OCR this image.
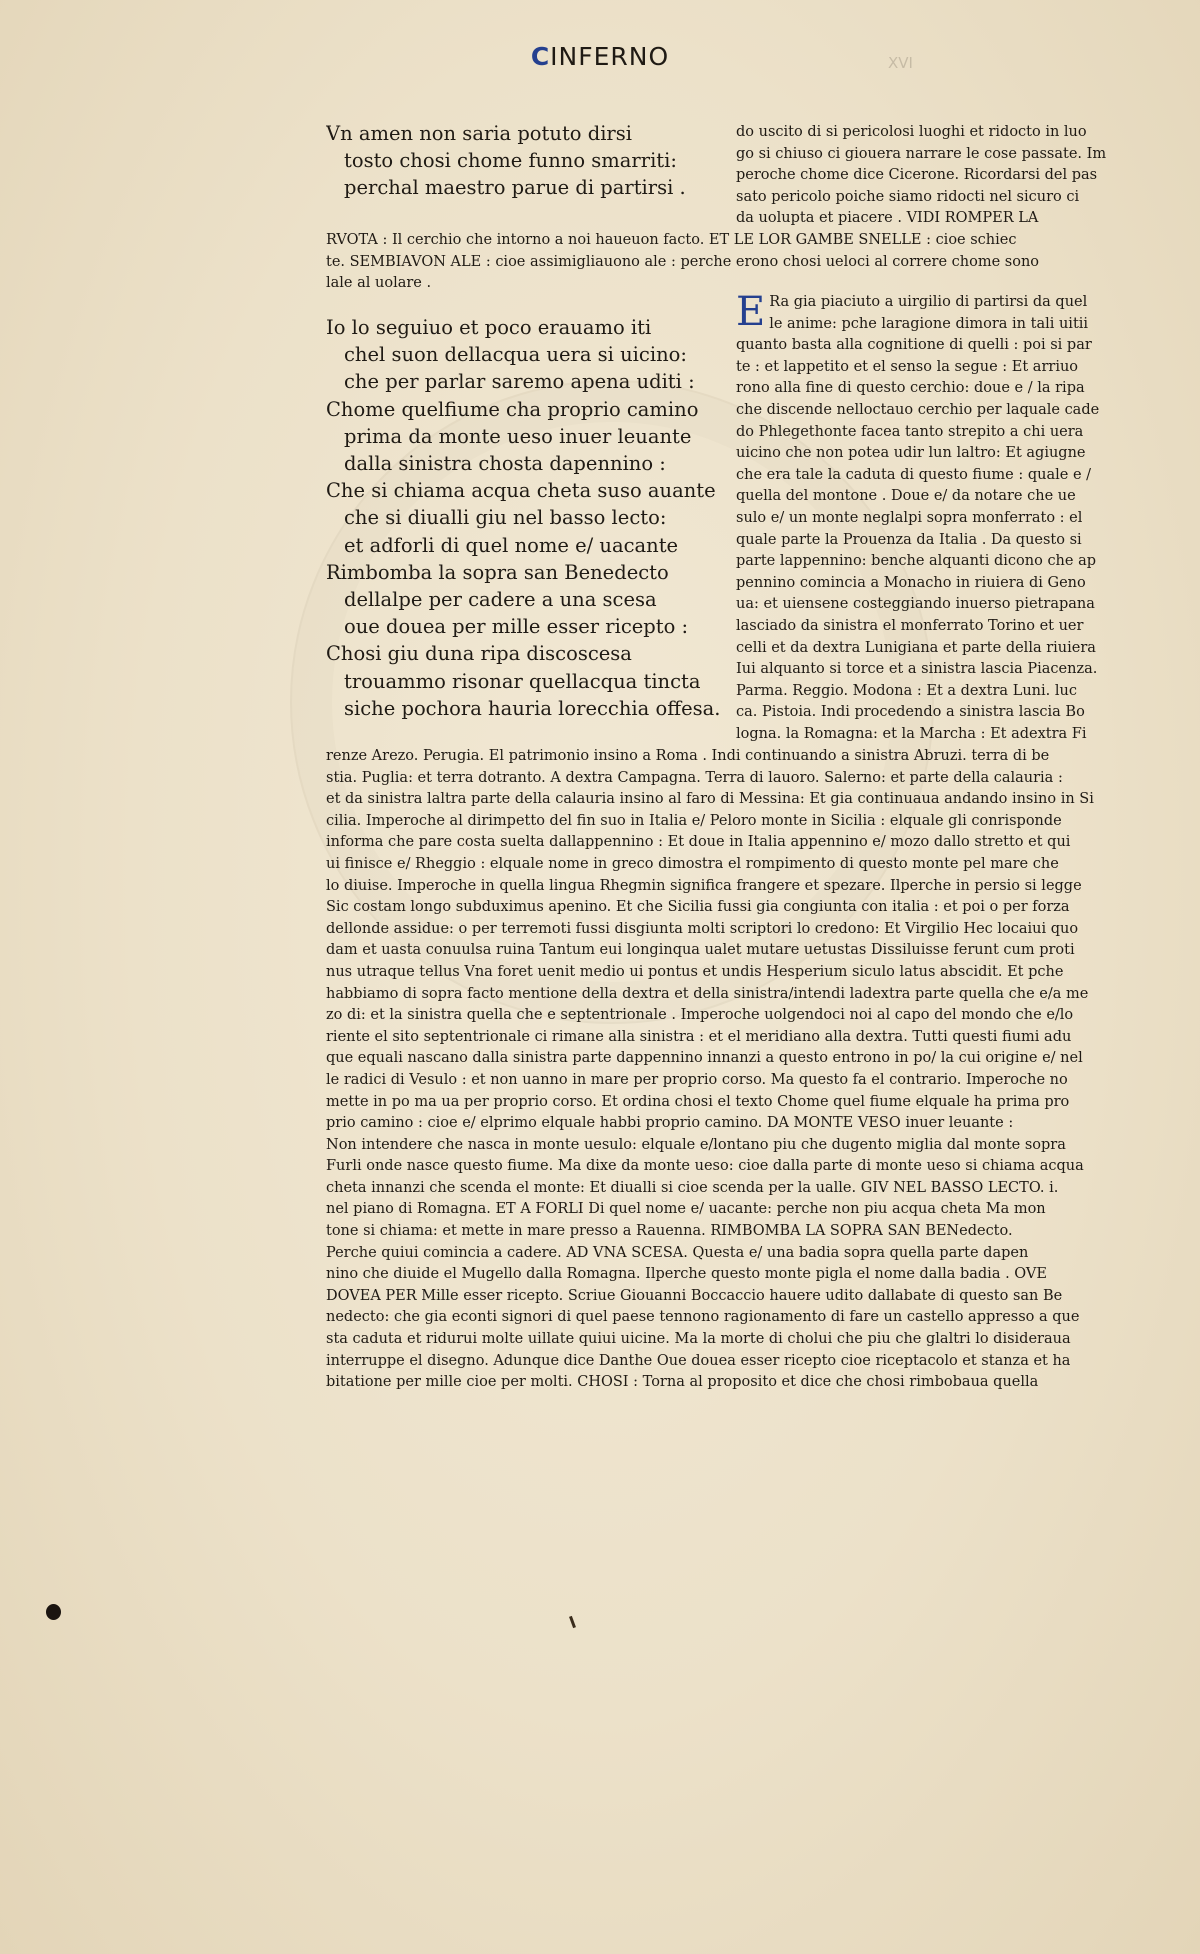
CINFERNO	XVI
Vn amen non saria potuto dirsi
tosto chosi chome funno smarriti:
perchal maestro parue di partirsi .
do uscito di si pericolosi luoghi et ridocto in luo
go si chiuso ci giouera narrare le cose passate. Im
peroche chome dice Cicerone. Ricordarsi del pas
sato pericolo poiche siamo ridocti nel sicuro ci
da uolupta et piacere . VIDI ROMPER LA
RVOTA : Il cerchio che intorno a noi haueuon facto. ET LE LOR GAMBE SNELLE : cioe schiec
te. SEMBIAVON ALE : cioe assimigliauono ale : perche erono chosi ueloci al correre chome sono
lale al uolare .
Io lo seguiuo et poco erauamo iti
chel suon dellacqua uera si uicino:
che per parlar saremo apena uditi :
Chome quelfiume cha proprio camino
prima da monte ueso inuer leuante
dalla sinistra chosta dapennino :
Che si chiama acqua cheta suso auante
che si diualli giu nel basso lecto:
et adforli di quel nome e/ uacante
Rimbomba la sopra san Benedecto
dellalpe per cadere a una scesa
oue douea per mille esser ricepto :
Chosi giu duna ripa discoscesa
trouammo risonar quellacqua tincta
siche pochora hauria lorecchia offesa.
E Ra gia piaciuto a uirgilio di partirsi da quel
le anime: pche laragione dimora in tali uitii
quanto basta alla cognitione di quelli : poi si par
te : et lappetito et el senso la segue : Et arriuo
rono alla fine di questo cerchio: doue e / la ripa
che discende nelloctauo cerchio per laquale cade
do Phlegethonte facea tanto strepito a chi uera
uicino che non potea udir lun laltro: Et agiugne
che era tale la caduta di questo fiume : quale e /
quella del montone . Doue e/ da notare che ue
sulo e/ un monte neglalpi sopra monferrato : el
quale parte la Prouenza da Italia . Da questo si
parte lappennino: benche alquanti dicono che ap
pennino comincia a Monacho in riuiera di Geno
ua: et uiensene costeggiando inuerso pietrapana
lasciado da sinistra el monferrato Torino et uer
celli et da dextra Lunigiana et parte della riuiera
Iui alquanto si torce et a sinistra lascia Piacenza.
Parma. Reggio. Modona : Et a dextra Luni. luc
ca. Pistoia. Indi procedendo a sinistra lascia Bo
logna. la Romagna: et la Marcha : Et adextra Fi
renze Arezo. Perugia. El patrimonio insino a Roma . Indi continuando a sinistra Abruzi. terra di be
stia. Puglia: et terra dotranto. A dextra Campagna. Terra di lauoro. Salerno: et parte della calauria :
et da sinistra laltra parte della calauria insino al faro di Messina: Et gia continuaua andando insino in Si
cilia. Imperoche al dirimpetto del fin suo in Italia e/ Peloro monte in Sicilia : elquale gli conrisponde
informa che pare costa suelta dallappennino : Et doue in Italia appennino e/ mozo dallo stretto et qui
ui finisce e/ Rheggio : elquale nome in greco dimostra el rompimento di questo monte pel mare che
lo diuise. Imperoche in quella lingua Rhegmin significa frangere et spezare. Ilperche in persio si legge
Sic costam longo subduximus apenino. Et che Sicilia fussi gia congiunta con italia : et poi o per forza
dellonde assidue: o per terremoti fussi disgiunta molti scriptori lo credono: Et Virgilio Hec locaiui quo
dam et uasta conuulsa ruina Tantum eui longinqua ualet mutare uetustas Dissiluisse ferunt cum proti
nus utraque tellus Vna foret uenit medio ui pontus et undis Hesperium siculo latus abscidit. Et pche
habbiamo di sopra facto mentione della dextra et della sinistra/intendi ladextra parte quella che e/a me
zo di: et la sinistra quella che e septentrionale . Imperoche uolgendoci noi al capo del mondo che e/lo
riente el sito septentrionale ci rimane alla sinistra : et el meridiano alla dextra. Tutti questi fiumi adu
que equali nascano dalla sinistra parte dappennino innanzi a questo entrono in po/ la cui origine e/ nel
le radici di Vesulo : et non uanno in mare per proprio corso. Ma questo fa el contrario. Imperoche no
mette in po ma ua per proprio corso. Et ordina chosi el texto Chome quel fiume elquale ha prima pro
prio camino : cioe e/ elprimo elquale habbi proprio camino. DA MONTE VESO inuer leuante :
Non intendere che nasca in monte uesulo: elquale e/lontano piu che dugento miglia dal monte sopra
Furli onde nasce questo fiume. Ma dixe da monte ueso: cioe dalla parte di monte ueso si chiama acqua
cheta innanzi che scenda el monte: Et diualli si cioe scenda per la ualle. GIV NEL BASSO LECTO. i.
nel piano di Romagna. ET A FORLI Di quel nome e/ uacante: perche non piu acqua cheta Ma mon
tone si chiama: et mette in mare presso a Rauenna. RIMBOMBA LA SOPRA SAN BENedecto.
Perche quiui comincia a cadere. AD VNA SCESA. Questa e/ una badia sopra quella parte dapen
nino che diuide el Mugello dalla Romagna. Ilperche questo monte pigla el nome dalla badia . OVE
DOVEA PER Mille esser ricepto. Scriue Giouanni Boccaccio hauere udito dallabate di questo san Be
nedecto: che gia econti signori di quel paese tennono ragionamento di fare un castello appresso a que
sta caduta et ridurui molte uillate quiui uicine. Ma la morte di cholui che piu che glaltri lo disideraua
interruppe el disegno. Adunque dice Danthe Oue douea esser ricepto cioe riceptacolo et stanza et ha
bitatione per mille cioe per molti. CHOSI : Torna al proposito et dice che chosi rimbobaua quella
